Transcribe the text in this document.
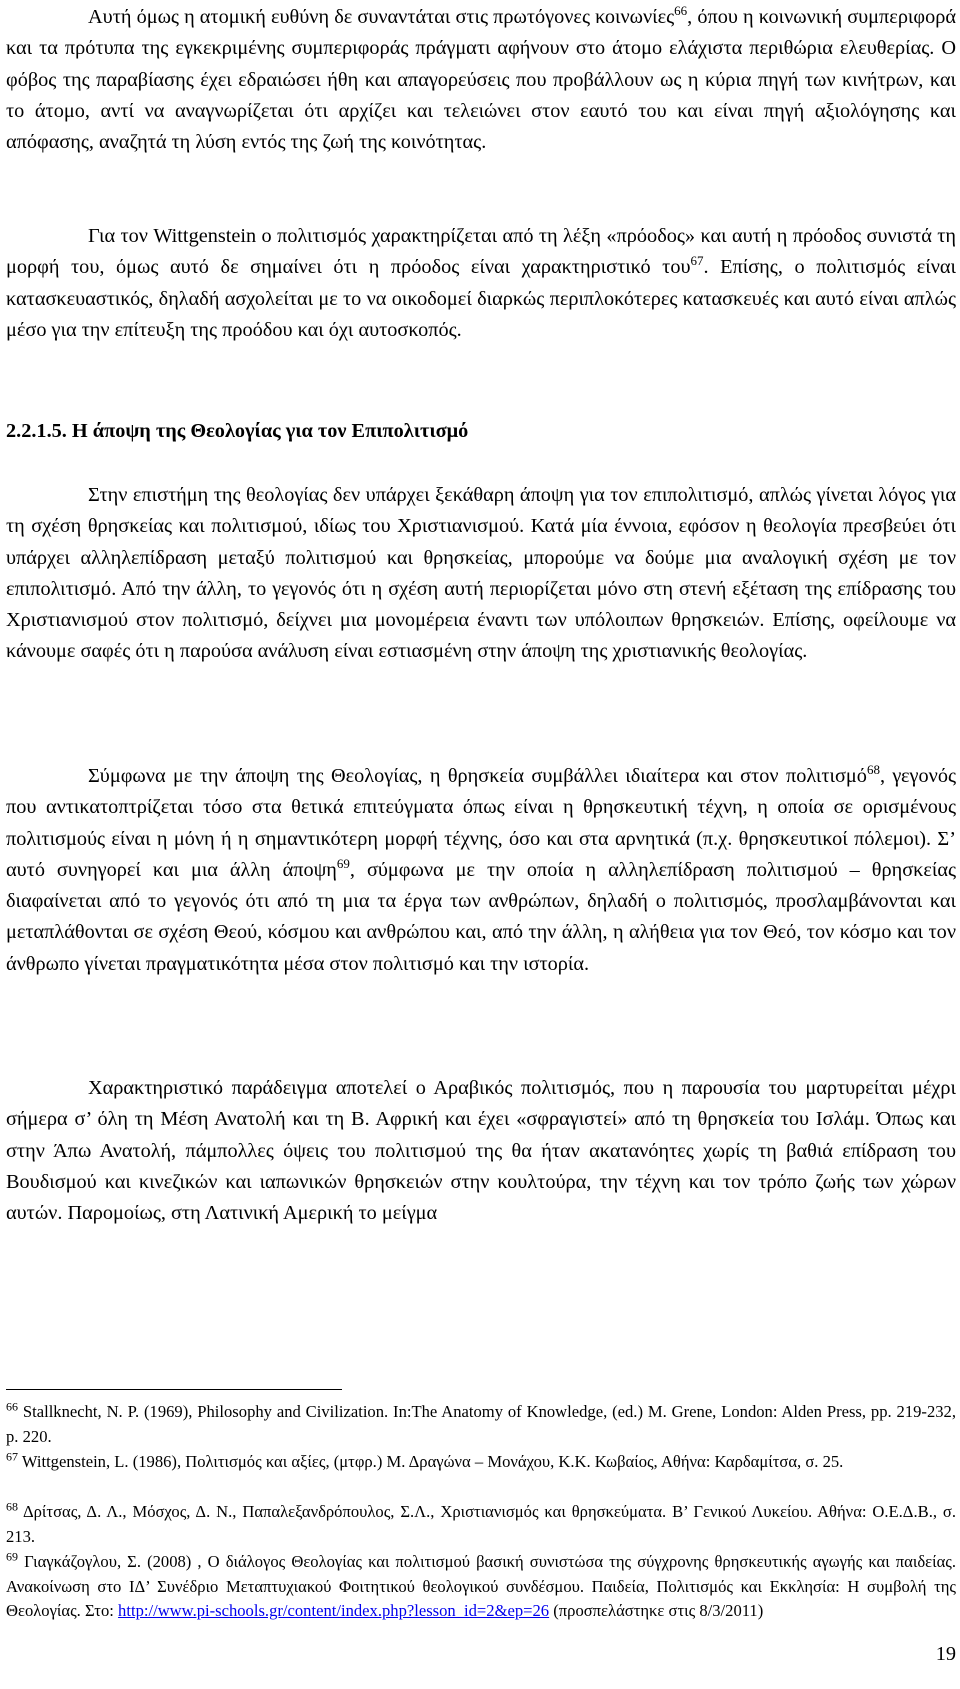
Αυτή όμως η ατομική ευθύνη δε συναντάται στις πρωτόγονες κοινωνίες$^{66}$, όπου η κοινωνική συμπεριφορά και τα πρότυπα της εγκεκριμένης συμπεριφοράς πράγματι αφήνουν στο άτομο ελάχιστα περιθώρια ελευθερίας. Ο φόβος της παραβίασης έχει εδραιώσει ήθη και απαγορεύσεις που προβάλλουν ως η κύρια πηγή των κινήτρων, και το άτομο, αντί να αναγνωρίζεται ότι αρχίζει και τελειώνει στον εαυτό του και είναι πηγή αξιολόγησης και απόφασης, αναζητά τη λύση εντός της ζωή της κοινότητας.

Για τον Wittgenstein ο πολιτισμός χαρακτηρίζεται από τη λέξη «πρόοδος» και αυτή η πρόοδος συνιστά τη μορφή του, όμως αυτό δε σημαίνει ότι η πρόοδος είναι χαρακτηριστικό του$^{67}$. Επίσης, ο πολιτισμός είναι κατασκευαστικός, δηλαδή ασχολείται με το να οικοδομεί διαρκώς περιπλοκότερες κατασκευές και αυτό είναι απλώς μέσο για την επίτευξη της προόδου και όχι αυτοσκοπός.

2.2.1.5. Η άποψη της Θεολογίας για τον Επιπολιτισμό

Στην επιστήμη της θεολογίας δεν υπάρχει ξεκάθαρη άποψη για τον επιπολιτισμό, απλώς γίνεται λόγος για τη σχέση θρησκείας και πολιτισμού, ιδίως του Χριστιανισμού. Κατά μία έννοια, εφόσον η θεολογία πρεσβεύει ότι υπάρχει αλληλεπίδραση μεταξύ πολιτισμού και θρησκείας, μπορούμε να δούμε μια αναλογική σχέση με τον επιπολιτισμό. Από την άλλη, το γεγονός ότι η σχέση αυτή περιορίζεται μόνο στη στενή εξέταση της επίδρασης του Χριστιανισμού στον πολιτισμό, δείχνει μια μονομέρεια έναντι των υπόλοιπων θρησκειών. Επίσης, οφείλουμε να κάνουμε σαφές ότι η παρούσα ανάλυση είναι εστιασμένη στην άποψη της χριστιανικής θεολογίας.

Σύμφωνα με την άποψη της Θεολογίας, η θρησκεία συμβάλλει ιδιαίτερα και στον πολιτισμό$^{68}$, γεγονός που αντικατοπτρίζεται τόσο στα θετικά επιτεύγματα όπως είναι η θρησκευτική τέχνη, η οποία σε ορισμένους πολιτισμούς είναι η μόνη ή η σημαντικότερη μορφή τέχνης, όσο και στα αρνητικά (π.χ. θρησκευτικοί πόλεμοι). Σ’ αυτό συνηγορεί και μια άλλη άποψη$^{69}$, σύμφωνα με την οποία η αλληλεπίδραση πολιτισμού – θρησκείας διαφαίνεται από το γεγονός ότι από τη μια τα έργα των ανθρώπων, δηλαδή ο πολιτισμός, προσλαμβάνονται και μεταπλάθονται σε σχέση Θεού, κόσμου και ανθρώπου και, από την άλλη, η αλήθεια για τον Θεό, τον κόσμο και τον άνθρωπο γίνεται πραγματικότητα μέσα στον πολιτισμό και την ιστορία.

Χαρακτηριστικό παράδειγμα αποτελεί ο Αραβικός πολιτισμός, που η παρουσία του μαρτυρείται μέχρι σήμερα σ’ όλη τη Μέση Ανατολή και τη Β. Αφρική και έχει «σφραγιστεί» από τη θρησκεία του Ισλάμ. Όπως και στην Άπω Ανατολή, πάμπολλες όψεις του πολιτισμού της θα ήταν ακατανόητες χωρίς τη βαθιά επίδραση του Βουδισμού και κινεζικών και ιαπωνικών θρησκειών στην κουλτούρα, την τέχνη και τον τρόπο ζωής των χώρων αυτών. Παρομοίως, στη Λατινική Αμερική το μείγμα

$^{66}$ Stallknecht, N. P. (1969), Philosophy and Civilization. In:The Anatomy of Knowledge, (ed.) M. Grene, London: Alden Press, pp. 219-232, p. 220.

$^{67}$ Wittgenstein, L. (1986), Πολιτισμός και αξίες, (μτφρ.) Μ. Δραγώνα – Μονάχου, Κ.Κ. Κωβαίος, Αθήνα: Καρδαμίτσα, σ. 25.

$^{68}$ Δρίτσας, Δ. Λ., Μόσχος, Δ. Ν., Παπαλεξανδρόπουλος, Σ.Λ., Χριστιανισμός και θρησκεύματα. Β’ Γενικού Λυκείου. Αθήνα: Ο.Ε.Δ.Β., σ. 213.

$^{69}$ Γιαγκάζογλου, Σ. (2008) , Ο διάλογος Θεολογίας και πολιτισμού βασική συνιστώσα της σύγχρονης θρησκευτικής αγωγής και παιδείας. Ανακοίνωση στο ΙΔ’ Συνέδριο Μεταπτυχιακού Φοιτητικού θεολογικού συνδέσμου. Παιδεία, Πολιτισμός και Εκκλησία: Η συμβολή της Θεολογίας. Στο: http://www.pi-schools.gr/content/index.php?lesson_id=2&ep=26 (προσπελάστηκε στις 8/3/2011)

19
